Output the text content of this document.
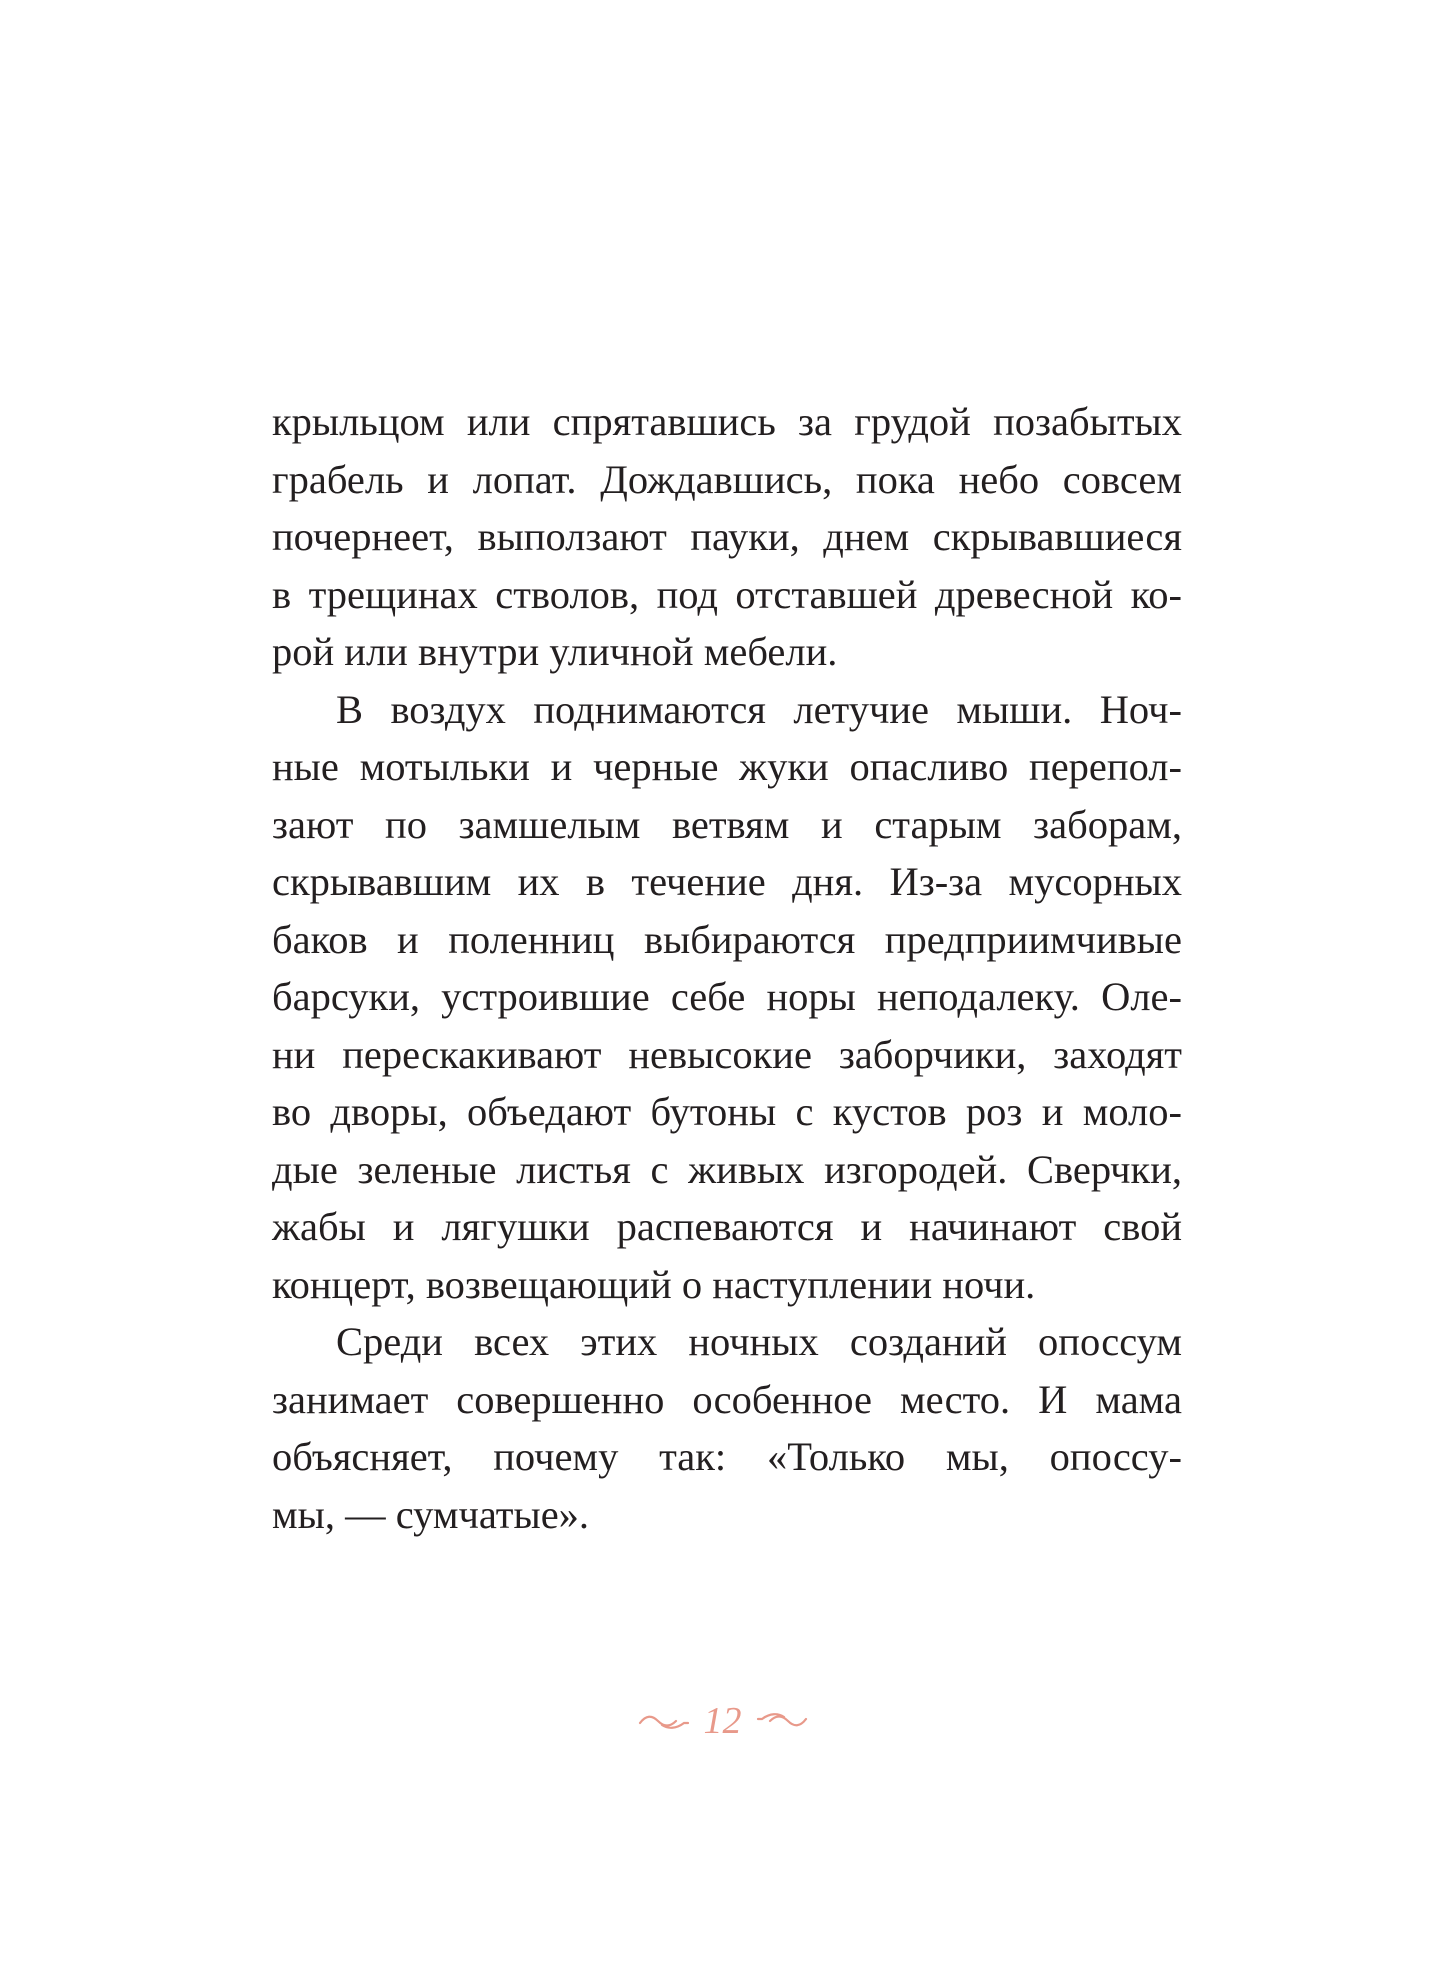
крыльцом или спрятавшись за грудой позабытых
грабель и лопат. Дождавшись, пока небо совсем
почернеет, выползают пауки, днем скрывавшиеся
в трещинах стволов, под отставшей древесной ко-
рой или внутри уличной мебели.
В воздух поднимаются летучие мыши. Ноч-
ные мотыльки и черные жуки опасливо перепол-
зают по замшелым ветвям и старым заборам,
скрывавшим их в течение дня. Из-за мусорных
баков и поленниц выбираются предприимчивые
барсуки, устроившие себе норы неподалеку. Оле-
ни перескакивают невысокие заборчики, заходят
во дворы, объедают бутоны с кустов роз и моло-
дые зеленые листья с живых изгородей. Сверчки,
жабы и лягушки распеваются и начинают свой
концерт, возвещающий о наступлении ночи.
Среди всех этих ночных созданий опоссум
занимает совершенно особенное место. И мама
объясняет, почему так: «Только мы, опоссу-
мы, — сумчатые».
12
